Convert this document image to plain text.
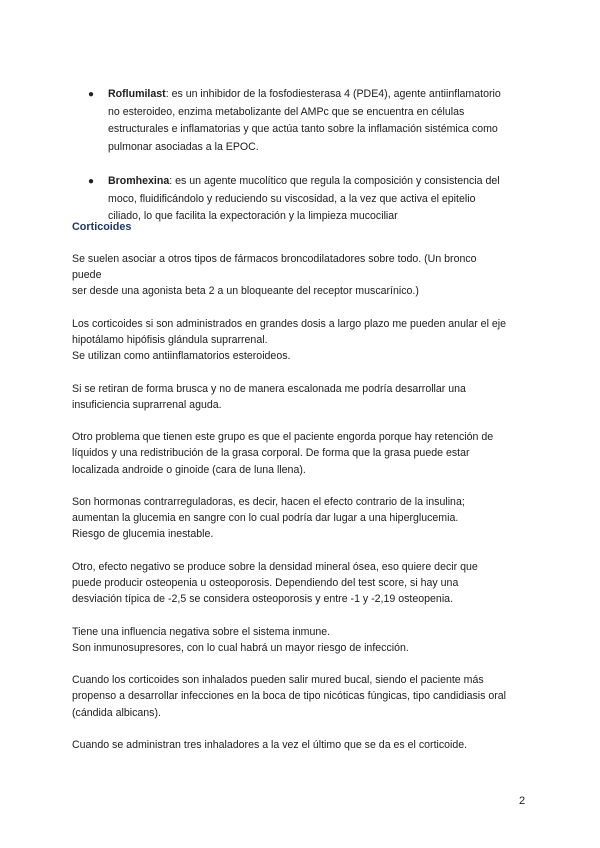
● Roflumilast: es un inhibidor de la fosfodiesterasa 4 (PDE4), agente antiinflamatorio
no esteroideo, enzima metabolizante del AMPc que se encuentra en células
estructurales e inflamatorias y que actúa tanto sobre la inflamación sistémica como
pulmonar asociadas a la EPOC.
● Bromhexina: es un agente mucolítico que regula la composición y consistencia del
moco, fluidificándolo y reduciendo su viscosidad, a la vez que activa el epitelio
ciliado, lo que facilita la expectoración y la limpieza mucociliar
Corticoides

Se suelen asociar a otros tipos de fármacos broncodilatadores sobre todo. (Un bronco
puede
ser desde una agonista beta 2 a un bloqueante del receptor muscarínico.)

Los corticoides si son administrados en grandes dosis a largo plazo me pueden anular el eje
hipotálamo hipófisis glándula suprarrenal.
Se utilizan como antiinflamatorios esteroideos.

Si se retiran de forma brusca y no de manera escalonada me podría desarrollar una
insuficiencia suprarrenal aguda.

Otro problema que tienen este grupo es que el paciente engorda porque hay retención de
líquidos y una redistribución de la grasa corporal. De forma que la grasa puede estar
localizada androide o ginoide (cara de luna llena).

Son hormonas contrarreguladoras, es decir, hacen el efecto contrario de la insulina;
aumentan la glucemia en sangre con lo cual podría dar lugar a una hiperglucemia.
Riesgo de glucemia inestable.

Otro, efecto negativo se produce sobre la densidad mineral ósea, eso quiere decir que
puede producir osteopenia u osteoporosis. Dependiendo del test score, si hay una
desviación típica de -2,5 se considera osteoporosis y entre -1 y -2,19 osteopenia.

Tiene una influencia negativa sobre el sistema inmune.
Son inmunosupresores, con lo cual habrá un mayor riesgo de infección.

Cuando los corticoides son inhalados pueden salir mured bucal, siendo el paciente más
propenso a desarrollar infecciones en la boca de tipo nicóticas fúngicas, tipo candidiasis oral
(cándida albicans).

Cuando se administran tres inhaladores a la vez el último que se da es el corticoide.

2
